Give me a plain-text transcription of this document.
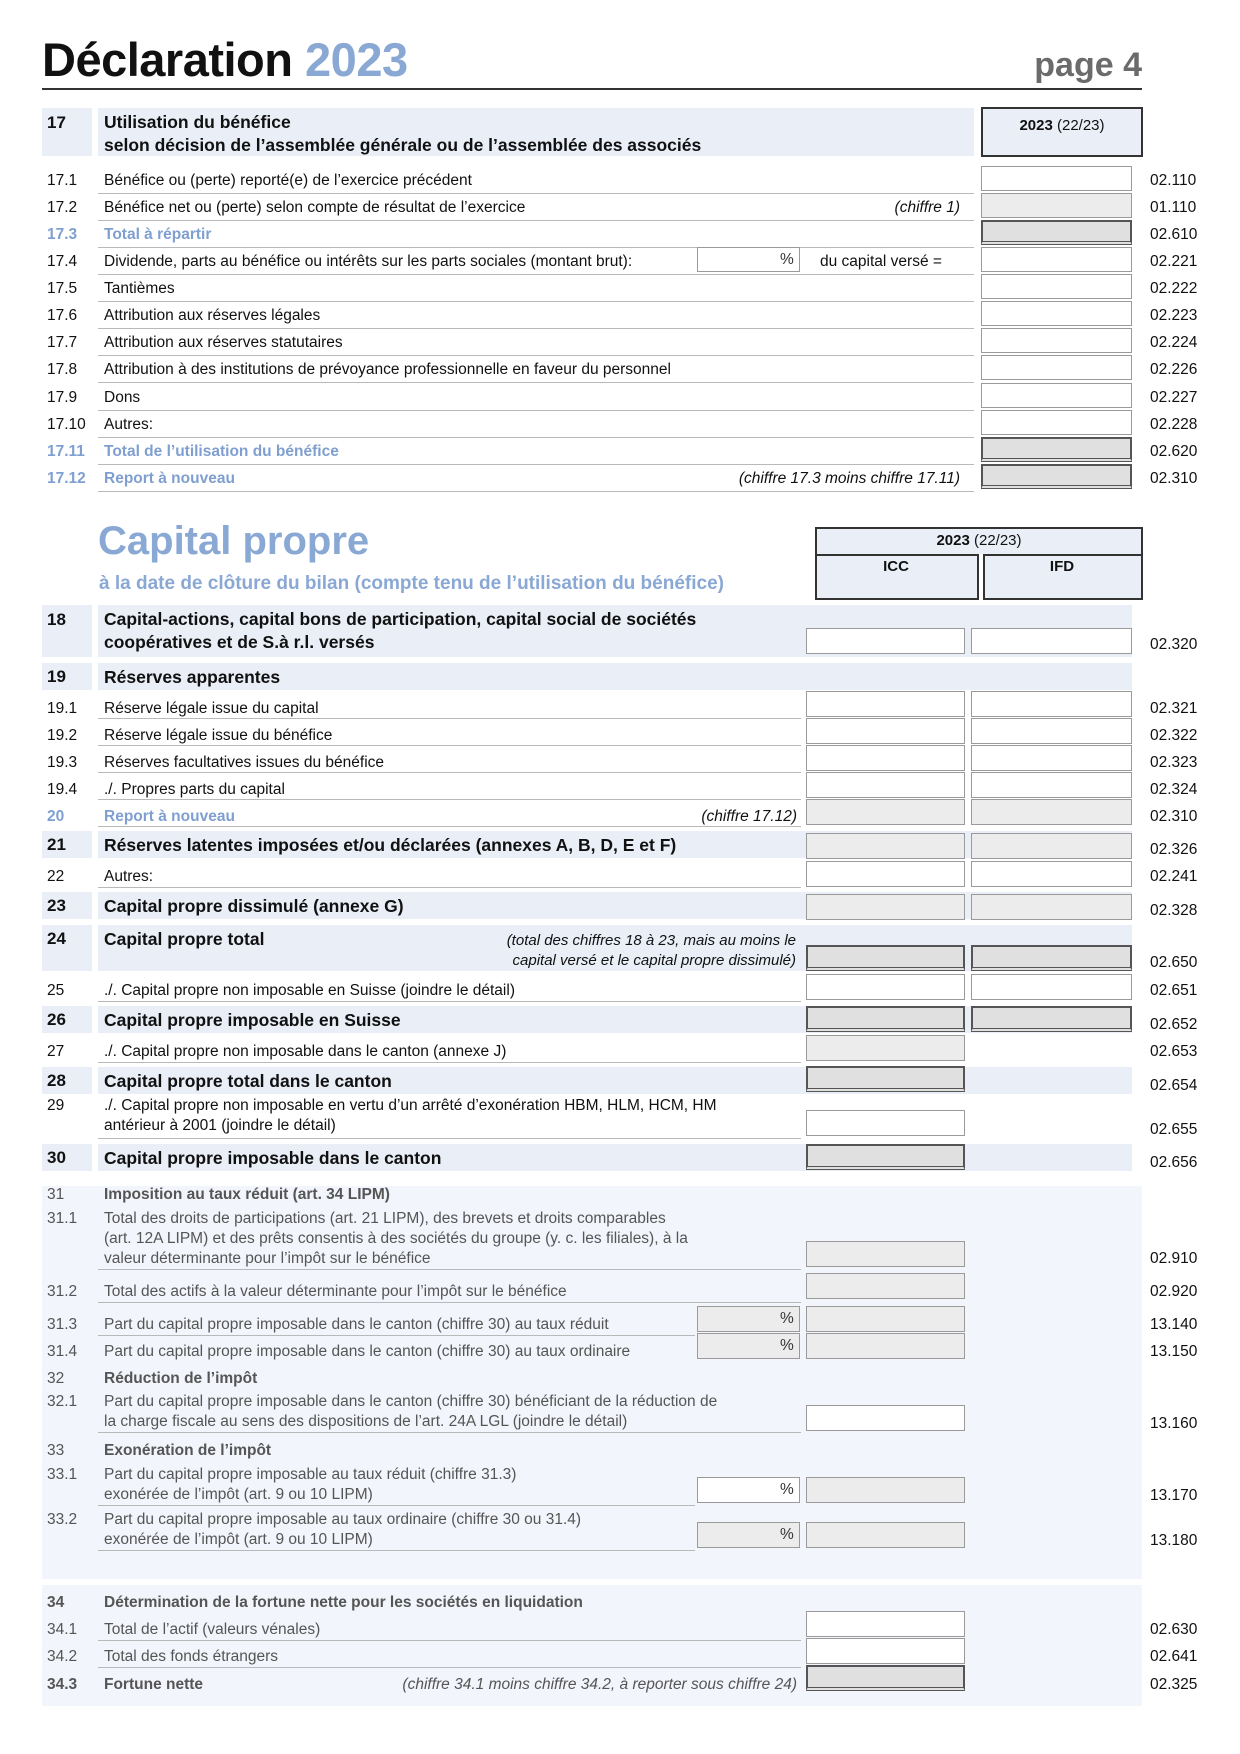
Déclaration 2023	page 4
17 Utilisation du bénéfice
selon décision de l’assemblée générale ou de l’assemblée des associés
2023 (22/23)
Capital propre
à la date de clôture du bilan (compte tenu de l’utilisation du bénéfice)
2023 (22/23)
ICC	IFD
17.1 Bénéfice ou (perte) reporté(e) de l’exercice précédent	02.110
17.2 Bénéfice net ou (perte) selon compte de résultat de l’exercice	(chiffre 1)	01.110
17.3 Total à répartir	02.610
17.4 Dividende, parts au bénéfice ou intérêts sur les parts sociales (montant brut):	% du capital versé =	02.221
17.5 Tantièmes	02.222
17.6 Attribution aux réserves légales	02.223
17.7 Attribution aux réserves statutaires	02.224
17.8 Attribution à des institutions de prévoyance professionnelle en faveur du personnel	02.226
17.9 Dons	02.227
17.10 Autres:	02.228
17.11 Total de l’utilisation du bénéfice	02.620
17.12 Report à nouveau	(chiffre 17.3 moins chiffre 17.11)	02.310
18 Capital-actions, capital bons de participation, capital social de sociétés
coopératives et de S.à r.l. versés	02.320
19 Réserves apparentes
19.1 Réserve légale issue du capital	02.321
19.2 Réserve légale issue du bénéfice	02.322
19.3 Réserves facultatives issues du bénéfice	02.323
19.4 ./. Propres parts du capital	02.324
20	Report à nouveau	(chiffre 17.12)	02.310
21 Réserves latentes imposées et/ou déclarées (annexes A, B, D, E et F)	02.326
22	Autres:	02.241
23 Capital propre dissimulé (annexe G)	02.328
24 Capital propre total	(total des chiffres 18 à 23, mais au moins le
capital versé et le capital propre dissimulé)	02.650
25	./. Capital propre non imposable en Suisse (joindre le détail)	02.651
26 Capital propre imposable en Suisse	02.652
27	./. Capital propre non imposable dans le canton (annexe J)	02.653
28 Capital propre total dans le canton	02.654
29	./. Capital propre non imposable en vertu d’un arrêté d’exonération HBM, HLM, HCM, HM
antérieur à 2001 (joindre le détail)	02.655
30 Capital propre imposable dans le canton	02.656
31	Imposition au taux réduit (art. 34 LIPM)
31.1 Total des droits de participations (art. 21 LIPM), des brevets et droits comparables
(art. 12A LIPM) et des prêts consentis à des sociétés du groupe (y. c. les filiales), à la
valeur déterminante pour l’impôt sur le bénéfice	02.910
31.2 Total des actifs à la valeur déterminante pour l’impôt sur le bénéfice	02.920
31.3 Part du capital propre imposable dans le canton (chiffre 30) au taux réduit	%	13.140
31.4 Part du capital propre imposable dans le canton (chiffre 30) au taux ordinaire	%	13.150
32	Réduction de l’impôt
32.1 Part du capital propre imposable dans le canton (chiffre 30) bénéficiant de la réduction de
la charge fiscale au sens des dispositions de l’art. 24A LGL (joindre le détail)	13.160
33	Exonération de l’impôt
33.1 Part du capital propre imposable au taux réduit (chiffre 31.3)
exonérée de l’impôt (art. 9 ou 10 LIPM)	%	13.170
33.2 Part du capital propre imposable au taux ordinaire (chiffre 30 ou 31.4)
exonérée de l’impôt (art. 9 ou 10 LIPM)	%	13.180
34	Détermination de la fortune nette pour les sociétés en liquidation
34.1 Total de l’actif (valeurs vénales)	02.630
34.2 Total des fonds étrangers	02.641
34.3 Fortune nette	(chiffre 34.1 moins chiffre 34.2, à reporter sous chiffre 24)	02.325
